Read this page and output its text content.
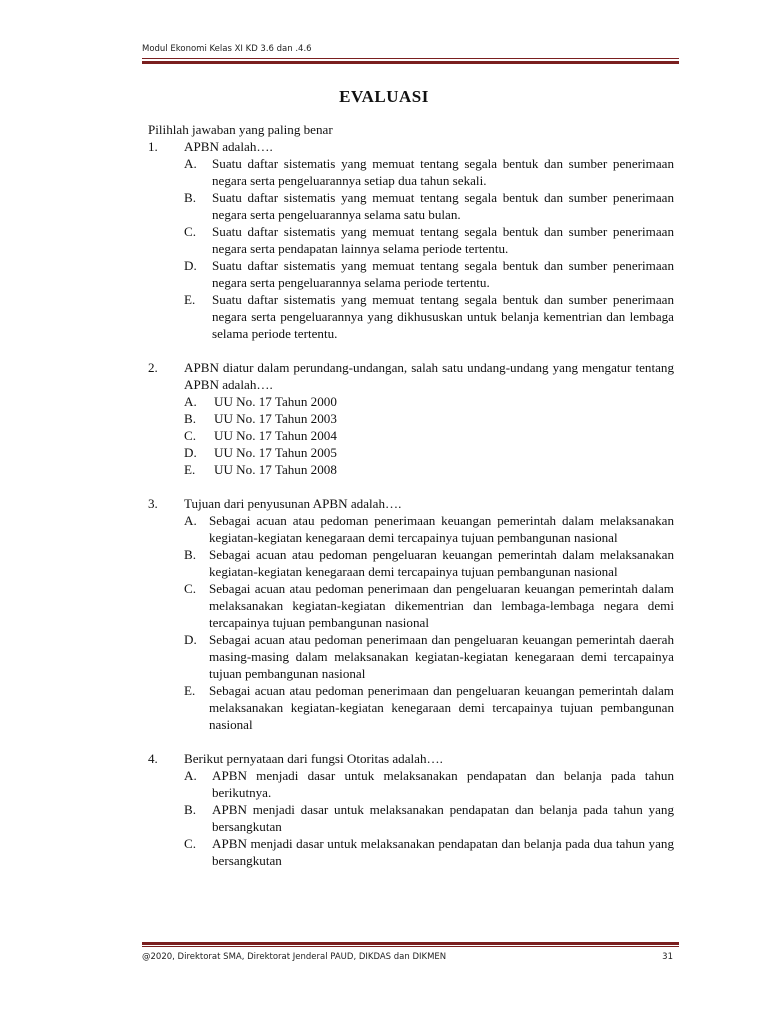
Modul Ekonomi Kelas XI KD 3.6 dan .4.6
EVALUASI

Pilihlah jawaban yang paling benar

1. APBN adalah….
A. Suatu daftar sistematis yang memuat tentang segala bentuk dan sumber penerimaan negara serta pengeluarannya setiap dua tahun sekali.
B. Suatu daftar sistematis yang memuat tentang segala bentuk dan sumber penerimaan negara serta pengeluarannya selama satu bulan.
C. Suatu daftar sistematis yang memuat tentang segala bentuk dan sumber penerimaan negara serta pendapatan lainnya selama periode tertentu.
D. Suatu daftar sistematis yang memuat tentang segala bentuk dan sumber penerimaan negara serta pengeluarannya selama periode tertentu.
E. Suatu daftar sistematis yang memuat tentang segala bentuk dan sumber penerimaan negara serta pengeluarannya yang dikhususkan untuk belanja kementrian dan lembaga selama periode tertentu.
2. APBN diatur dalam perundang-undangan, salah satu undang-undang yang mengatur tentang APBN adalah….
A. UU No. 17 Tahun 2000
B. UU No. 17 Tahun 2003
C. UU No. 17 Tahun 2004
D. UU No. 17 Tahun 2005
E. UU No. 17 Tahun 2008
3. Tujuan dari penyusunan APBN adalah….
A. Sebagai acuan atau pedoman penerimaan keuangan pemerintah dalam melaksanakan kegiatan-kegiatan kenegaraan demi tercapainya tujuan pembangunan nasional
B. Sebagai acuan atau pedoman pengeluaran keuangan pemerintah dalam melaksanakan kegiatan-kegiatan kenegaraan demi tercapainya tujuan pembangunan nasional
C. Sebagai acuan atau pedoman penerimaan dan pengeluaran keuangan pemerintah dalam melaksanakan kegiatan-kegiatan dikementrian dan lembaga-lembaga negara demi tercapainya tujuan pembangunan nasional
D. Sebagai acuan atau pedoman penerimaan dan pengeluaran keuangan pemerintah daerah masing-masing dalam melaksanakan kegiatan-kegiatan kenegaraan demi tercapainya tujuan pembangunan nasional
E. Sebagai acuan atau pedoman penerimaan dan pengeluaran keuangan pemerintah dalam melaksanakan kegiatan-kegiatan kenegaraan demi tercapainya tujuan pembangunan nasional
4. Berikut pernyataan dari fungsi Otoritas adalah….
A. APBN menjadi dasar untuk melaksanakan pendapatan dan belanja pada tahun berikutnya.
B. APBN menjadi dasar untuk melaksanakan pendapatan dan belanja pada tahun yang bersangkutan
C. APBN menjadi dasar untuk melaksanakan pendapatan dan belanja pada dua tahun yang bersangkutan
@2020, Direktorat SMA, Direktorat Jenderal PAUD, DIKDAS dan DIKMEN	31
